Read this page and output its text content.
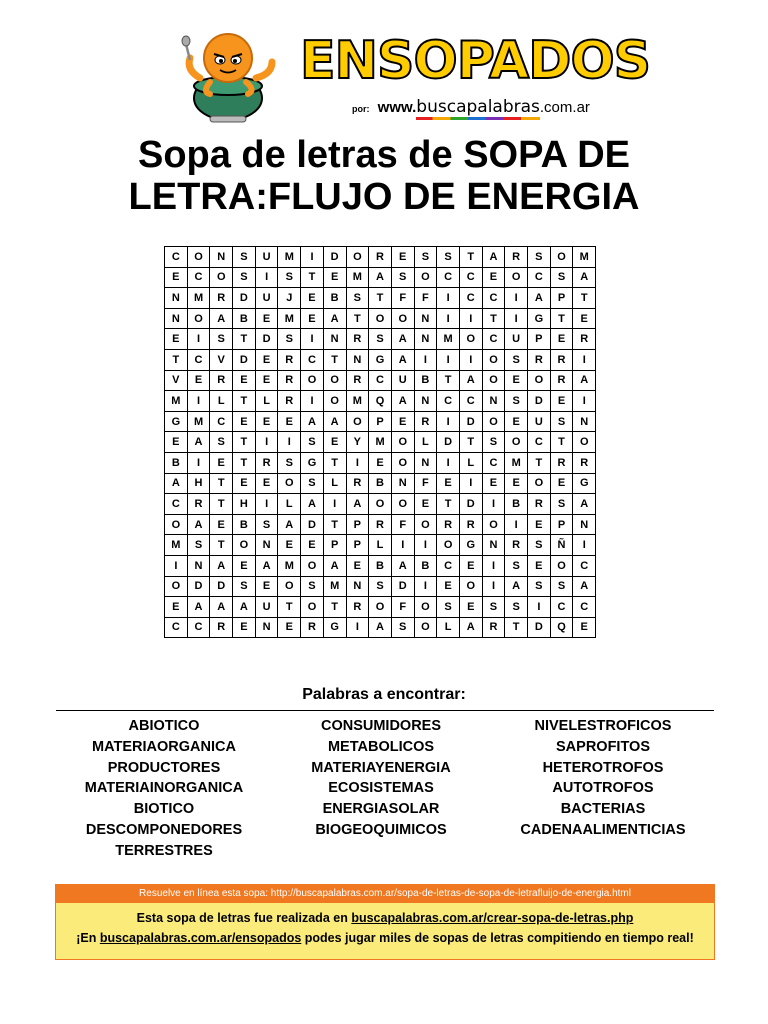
ENSOPADOS
por: www.buscapalabras.com.ar
Sopa de letras de SOPA DE
LETRA:FLUJO DE ENERGIA
C	O	N	S	U	M	I	D	O	R	E	S	S	T	A	R	S	O	M
E	C	O	S	I	S	T	E	M	A	S	O	C	C	E	O	C	S	A
N	M	R	D	U	J	E	B	S	T	F	F	I	C	C	I	A	P	T
N	O	A	B	E	M	E	A	T	O	O	N	I	I	T	I	G	T	E
E	I	S	T	D	S	I	N	R	S	A	N	M	O	C	U	P	E	R
T	C	V	D	E	R	C	T	N	G	A	I	I	I	O	S	R	R	I
V	E	R	E	E	R	O	O	R	C	U	B	T	A	O	E	O	R	A
M	I	L	T	L	R	I	O	M	Q	A	N	C	C	N	S	D	E	I
G	M	C	E	E	E	A	A	O	P	E	R	I	D	O	E	U	S	N
E	A	S	T	I	I	S	E	Y	M	O	L	D	T	S	O	C	T	O
B	I	E	T	R	S	G	T	I	E	O	N	I	L	C	M	T	R	R
A	H	T	E	E	O	S	L	R	B	N	F	E	I	E	E	O	E	G
C	R	T	H	I	L	A	I	A	O	O	E	T	D	I	B	R	S	A
O	A	E	B	S	A	D	T	P	R	F	O	R	R	O	I	E	P	N
M	S	T	O	N	E	E	P	P	L	I	I	O	G	N	R	S	Ñ	I
I	N	A	E	A	M	O	A	E	B	A	B	C	E	I	S	E	O	C
O	D	D	S	E	O	S	M	N	S	D	I	E	O	I	A	S	S	A
E	A	A	A	U	T	O	T	R	O	F	O	S	E	S	S	I	C	C
C	C	R	E	N	E	R	G	I	A	S	O	L	A	R	T	D	Q	E
Palabras a encontrar:
ABIOTICO
MATERIAORGANICA
PRODUCTORES
MATERIAINORGANICA
BIOTICO
DESCOMPONEDORES
TERRESTRES
CONSUMIDORES
METABOLICOS
MATERIAYENERGIA
ECOSISTEMAS
ENERGIASOLAR
BIOGEOQUIMICOS
NIVELESTROFICOS
SAPROFITOS
HETEROTROFOS
AUTOTROFOS
BACTERIAS
CADENAALIMENTICIAS
Resuelve en línea esta sopa: http://buscapalabras.com.ar/sopa-de-letras-de-sopa-de-letrafluijo-de-energia.html
Esta sopa de letras fue realizada en buscapalabras.com.ar/crear-sopa-de-letras.php
¡En buscapalabras.com.ar/ensopados podes jugar miles de sopas de letras compitiendo en tiempo real!
